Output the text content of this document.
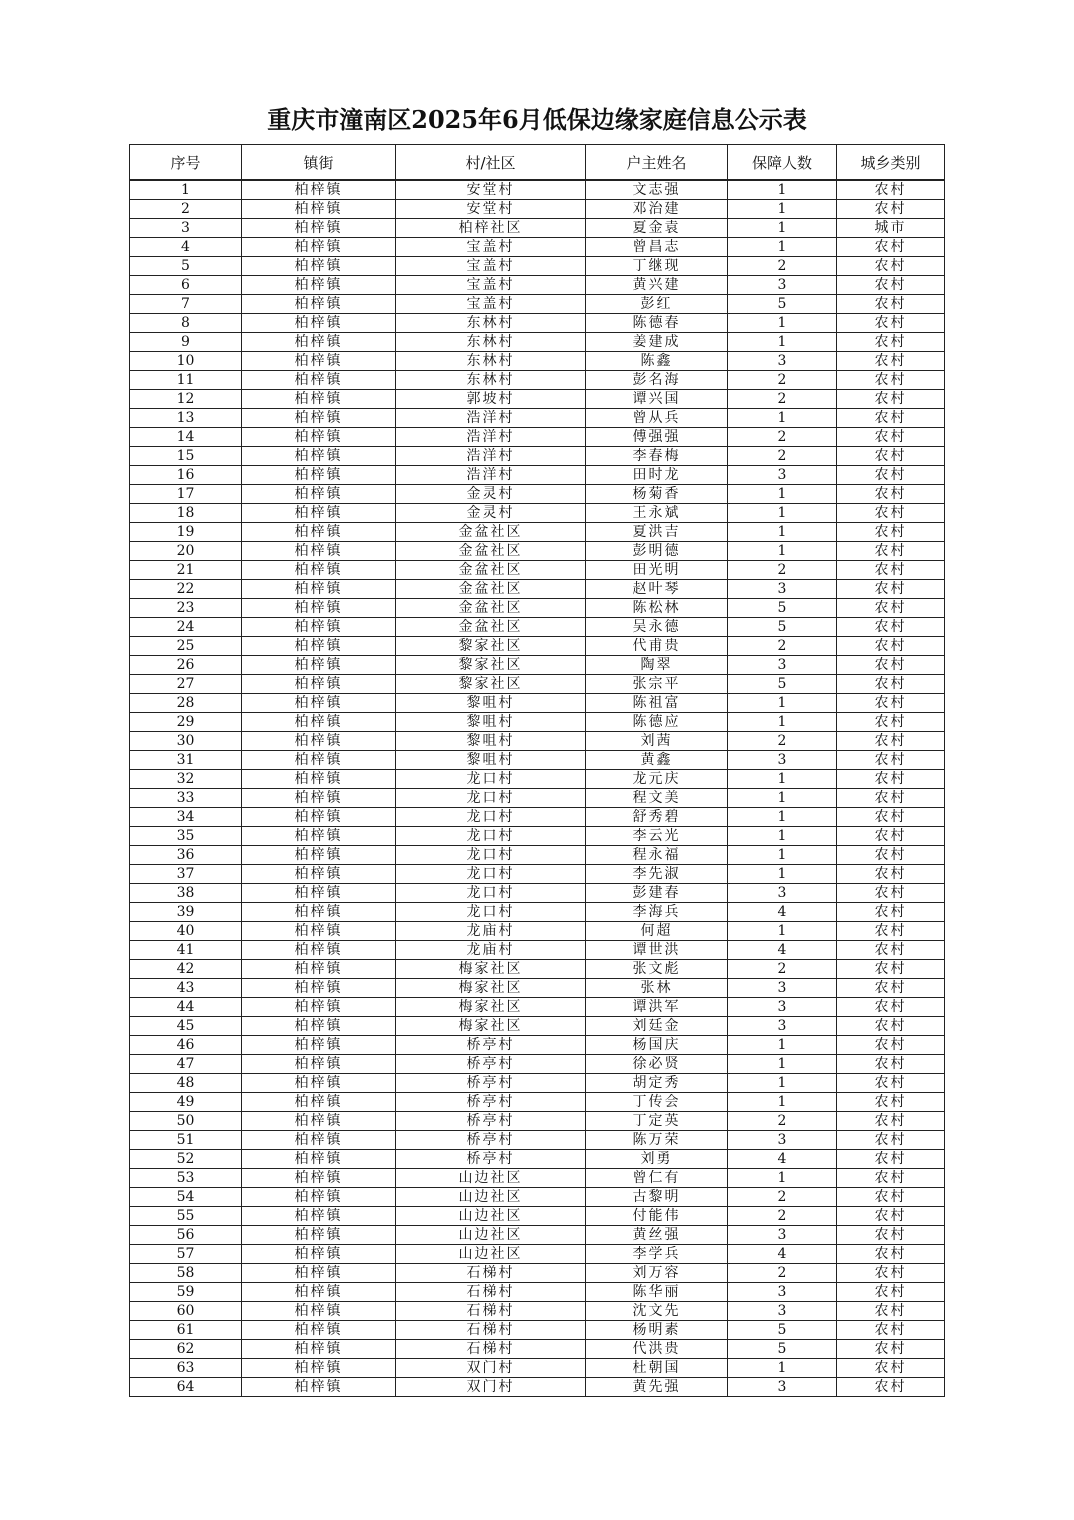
重庆市潼南区2025年6月低保边缘家庭信息公示表
序号	镇街	村/社区	户主姓名	保障人数	城乡类别
1	柏梓镇	安堂村	文志强	1	农村
2	柏梓镇	安堂村	邓治建	1	农村
3	柏梓镇	柏梓社区	夏金袁	1	城市
4	柏梓镇	宝盖村	曾昌志	1	农村
5	柏梓镇	宝盖村	丁继现	2	农村
6	柏梓镇	宝盖村	黄兴建	3	农村
7	柏梓镇	宝盖村	彭红	5	农村
8	柏梓镇	东林村	陈德春	1	农村
9	柏梓镇	东林村	姜建成	1	农村
10	柏梓镇	东林村	陈鑫	3	农村
11	柏梓镇	东林村	彭名海	2	农村
12	柏梓镇	郭坡村	谭兴国	2	农村
13	柏梓镇	浩洋村	曾从兵	1	农村
14	柏梓镇	浩洋村	傅强强	2	农村
15	柏梓镇	浩洋村	李春梅	2	农村
16	柏梓镇	浩洋村	田时龙	3	农村
17	柏梓镇	金灵村	杨菊香	1	农村
18	柏梓镇	金灵村	王永斌	1	农村
19	柏梓镇	金盆社区	夏洪吉	1	农村
20	柏梓镇	金盆社区	彭明德	1	农村
21	柏梓镇	金盆社区	田光明	2	农村
22	柏梓镇	金盆社区	赵叶琴	3	农村
23	柏梓镇	金盆社区	陈松林	5	农村
24	柏梓镇	金盆社区	吴永德	5	农村
25	柏梓镇	黎家社区	代甫贵	2	农村
26	柏梓镇	黎家社区	陶翠	3	农村
27	柏梓镇	黎家社区	张宗平	5	农村
28	柏梓镇	黎咀村	陈祖富	1	农村
29	柏梓镇	黎咀村	陈德应	1	农村
30	柏梓镇	黎咀村	刘茜	2	农村
31	柏梓镇	黎咀村	黄鑫	3	农村
32	柏梓镇	龙口村	龙元庆	1	农村
33	柏梓镇	龙口村	程文美	1	农村
34	柏梓镇	龙口村	舒秀碧	1	农村
35	柏梓镇	龙口村	李云光	1	农村
36	柏梓镇	龙口村	程永福	1	农村
37	柏梓镇	龙口村	李先淑	1	农村
38	柏梓镇	龙口村	彭建春	3	农村
39	柏梓镇	龙口村	李海兵	4	农村
40	柏梓镇	龙庙村	何超	1	农村
41	柏梓镇	龙庙村	谭世洪	4	农村
42	柏梓镇	梅家社区	张文彪	2	农村
43	柏梓镇	梅家社区	张林	3	农村
44	柏梓镇	梅家社区	谭洪军	3	农村
45	柏梓镇	梅家社区	刘廷金	3	农村
46	柏梓镇	桥亭村	杨国庆	1	农村
47	柏梓镇	桥亭村	徐必贤	1	农村
48	柏梓镇	桥亭村	胡定秀	1	农村
49	柏梓镇	桥亭村	丁传会	1	农村
50	柏梓镇	桥亭村	丁定英	2	农村
51	柏梓镇	桥亭村	陈万荣	3	农村
52	柏梓镇	桥亭村	刘勇	4	农村
53	柏梓镇	山边社区	曾仁有	1	农村
54	柏梓镇	山边社区	古黎明	2	农村
55	柏梓镇	山边社区	付能伟	2	农村
56	柏梓镇	山边社区	黄丝强	3	农村
57	柏梓镇	山边社区	李学兵	4	农村
58	柏梓镇	石梯村	刘万容	2	农村
59	柏梓镇	石梯村	陈华丽	3	农村
60	柏梓镇	石梯村	沈文先	3	农村
61	柏梓镇	石梯村	杨明素	5	农村
62	柏梓镇	石梯村	代洪贵	5	农村
63	柏梓镇	双门村	杜朝国	1	农村
64	柏梓镇	双门村	黄先强	3	农村
